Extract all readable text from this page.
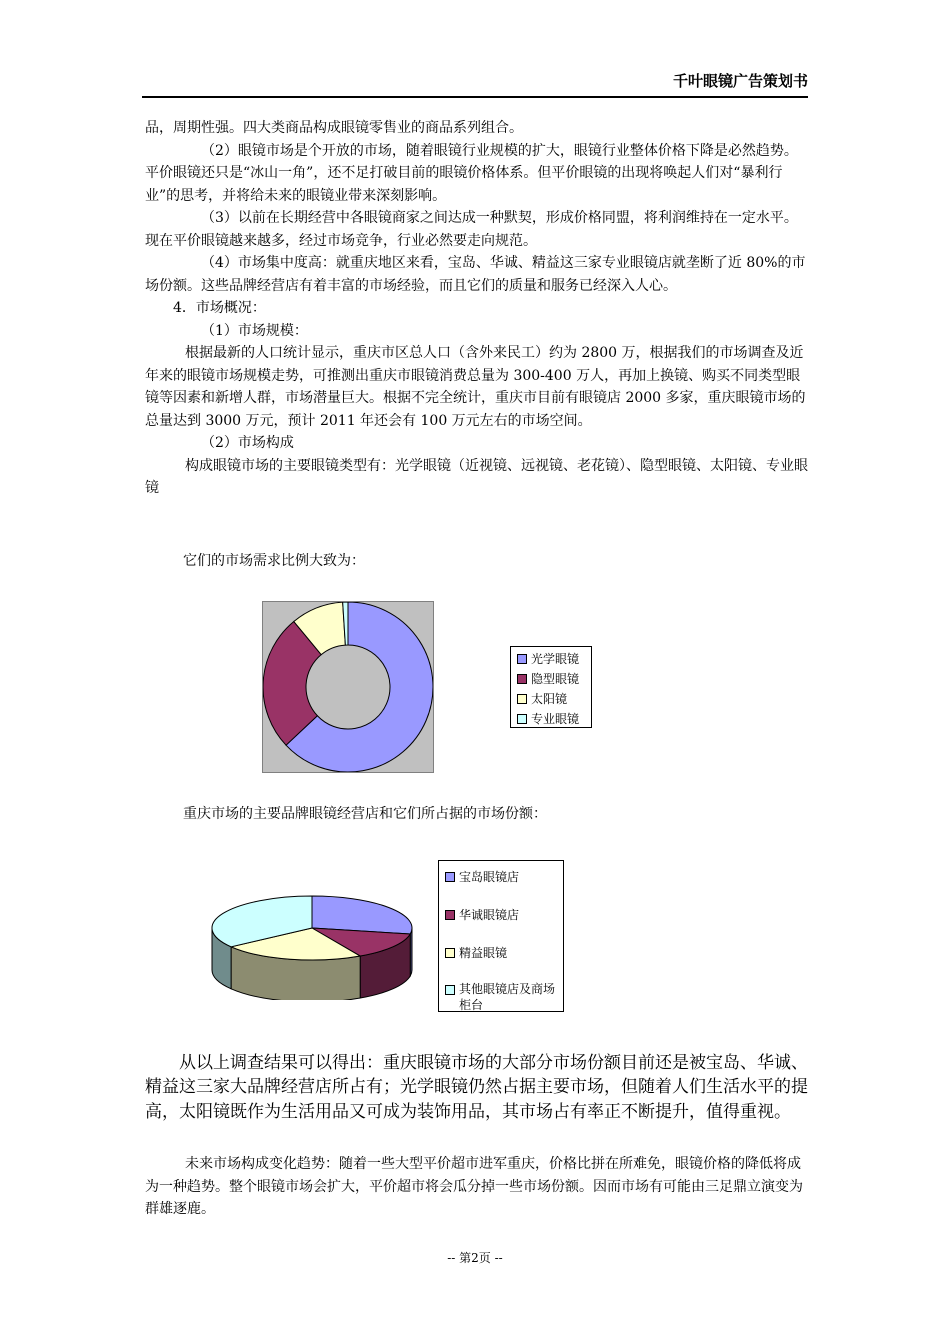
千叶眼镜广告策划书

品，周期性强。四大类商品构成眼镜零售业的商品系列组合。

（2）眼镜市场是个开放的市场，随着眼镜行业规模的扩大，眼镜行业整体价格下降是必然趋势。平价眼镜还只是“冰山一角”，还不足打破目前的眼镜价格体系。但平价眼镜的出现将唤起人们对“暴利行业”的思考，并将给未来的眼镜业带来深刻影响。

（3）以前在长期经营中各眼镜商家之间达成一种默契，形成价格同盟，将利润维持在一定水平。现在平价眼镜越来越多，经过市场竞争，行业必然要走向规范。

（4）市场集中度高：就重庆地区来看，宝岛、华诚、精益这三家专业眼镜店就垄断了近 80%的市场份额。这些品牌经营店有着丰富的市场经验，而且它们的质量和服务已经深入人心。

4．市场概况：

（1）市场规模：

根据最新的人口统计显示，重庆市区总人口（含外来民工）约为 2800 万，根据我们的市场调查及近年来的眼镜市场规模走势，可推测出重庆市眼镜消费总量为 300-400 万人，再加上换镜、购买不同类型眼镜等因素和新增人群，市场潜量巨大。根据不完全统计，重庆市目前有眼镜店 2000 多家，重庆眼镜市场的总量达到 3000 万元，预计 2011 年还会有 100 万元左右的市场空间。

（2）市场构成

构成眼镜市场的主要眼镜类型有：光学眼镜（近视镜、远视镜、老花镜）、隐型眼镜、太阳镜、专业眼镜

它们的市场需求比例大致为：
光学眼镜
隐型眼镜
太阳镜
专业眼镜
重庆市场的主要品牌眼镜经营店和它们所占据的市场份额：
宝岛眼镜店
华诚眼镜店
精益眼镜
其他眼镜店及商场柜台

从以上调查结果可以得出：重庆眼镜市场的大部分市场份额目前还是被宝岛、华诚、精益这三家大品牌经营店所占有；光学眼镜仍然占据主要市场，但随着人们生活水平的提高，太阳镜既作为生活用品又可成为装饰用品，其市场占有率正不断提升，值得重视。

未来市场构成变化趋势：随着一些大型平价超市进军重庆，价格比拼在所难免，眼镜价格的降低将成为一种趋势。整个眼镜市场会扩大，平价超市将会瓜分掉一些市场份额。因而市场有可能由三足鼎立演变为群雄逐鹿。

-- 第2页 --
